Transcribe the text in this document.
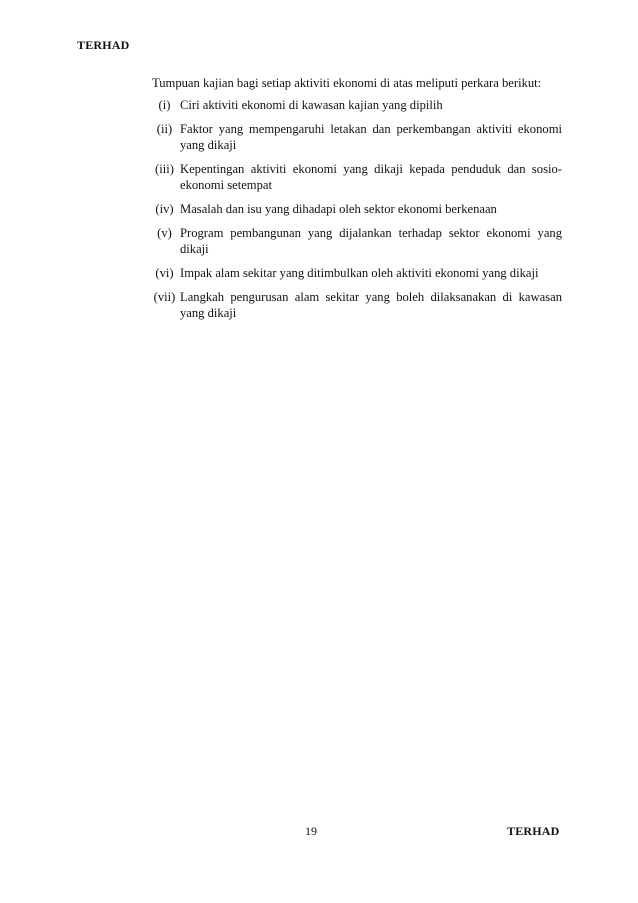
TERHAD

Tumpuan kajian bagi setiap aktiviti ekonomi di atas meliputi perkara berikut:

(i) Ciri aktiviti ekonomi di kawasan kajian yang dipilih
(ii) Faktor yang mempengaruhi letakan dan perkembangan aktiviti ekonomi yang dikaji
(iii) Kepentingan aktiviti ekonomi yang dikaji kepada penduduk dan sosio-ekonomi setempat
(iv) Masalah dan isu yang dihadapi oleh sektor ekonomi berkenaan
(v) Program pembangunan yang dijalankan terhadap sektor ekonomi yang dikaji
(vi) Impak alam sekitar yang ditimbulkan oleh aktiviti ekonomi yang dikaji
(vii) Langkah pengurusan alam sekitar yang boleh dilaksanakan di kawasan yang dikaji
19	TERHAD
